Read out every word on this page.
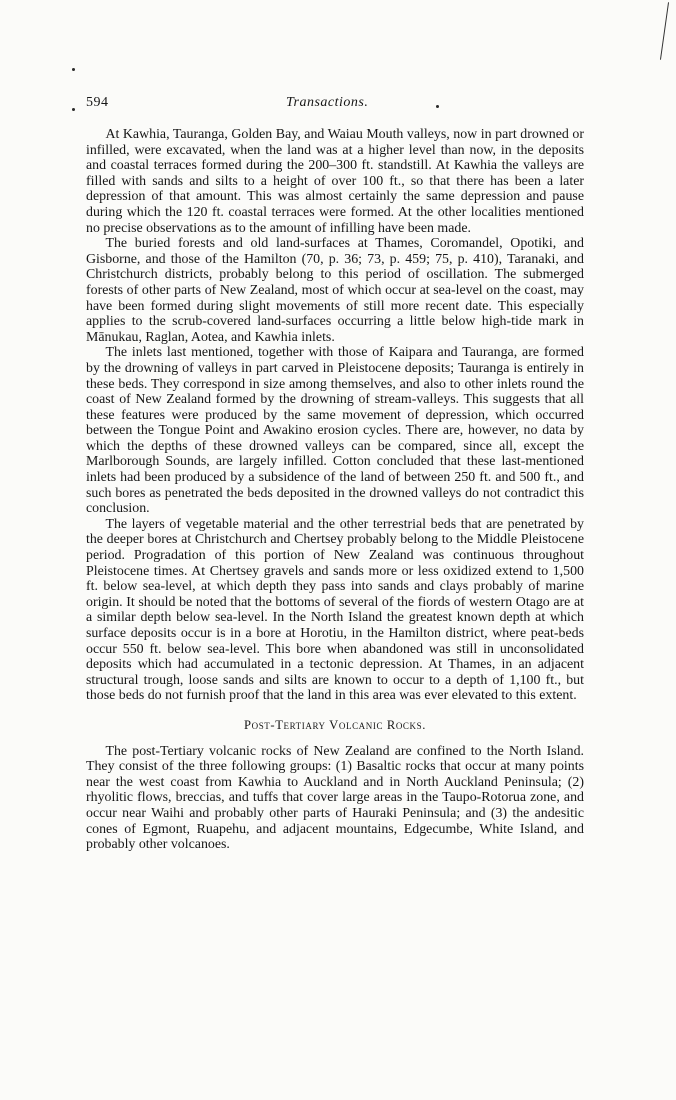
594	Transactions.

At Kawhia, Tauranga, Golden Bay, and Waiau Mouth valleys, now in part drowned or infilled, were excavated, when the land was at a higher level than now, in the deposits and coastal terraces formed during the 200–300 ft. standstill. At Kawhia the valleys are filled with sands and silts to a height of over 100 ft., so that there has been a later depression of that amount. This was almost certainly the same depression and pause during which the 120 ft. coastal terraces were formed. At the other localities mentioned no precise observations as to the amount of infilling have been made.

The buried forests and old land-surfaces at Thames, Coromandel, Opotiki, and Gisborne, and those of the Hamilton (70, p. 36; 73, p. 459; 75, p. 410), Taranaki, and Christchurch districts, probably belong to this period of oscillation. The submerged forests of other parts of New Zealand, most of which occur at sea-level on the coast, may have been formed during slight movements of still more recent date. This especially applies to the scrub-covered land-surfaces occurring a little below high-tide mark in Mānukau, Raglan, Aotea, and Kawhia inlets.

The inlets last mentioned, together with those of Kaipara and Tauranga, are formed by the drowning of valleys in part carved in Pleistocene deposits; Tauranga is entirely in these beds. They correspond in size among themselves, and also to other inlets round the coast of New Zealand formed by the drowning of stream-valleys. This suggests that all these features were produced by the same movement of depression, which occurred between the Tongue Point and Awakino erosion cycles. There are, however, no data by which the depths of these drowned valleys can be compared, since all, except the Marlborough Sounds, are largely infilled. Cotton concluded that these last-mentioned inlets had been produced by a subsidence of the land of between 250 ft. and 500 ft., and such bores as penetrated the beds deposited in the drowned valleys do not contradict this conclusion.

The layers of vegetable material and the other terrestrial beds that are penetrated by the deeper bores at Christchurch and Chertsey probably belong to the Middle Pleistocene period. Progradation of this portion of New Zealand was continuous throughout Pleistocene times. At Chertsey gravels and sands more or less oxidized extend to 1,500 ft. below sea-level, at which depth they pass into sands and clays probably of marine origin. It should be noted that the bottoms of several of the fiords of western Otago are at a similar depth below sea-level. In the North Island the greatest known depth at which surface deposits occur is in a bore at Horotiu, in the Hamilton district, where peat-beds occur 550 ft. below sea-level. This bore when abandoned was still in unconsolidated deposits which had accumulated in a tectonic depression. At Thames, in an adjacent structural trough, loose sands and silts are known to occur to a depth of 1,100 ft., but those beds do not furnish proof that the land in this area was ever elevated to this extent.

Post-Tertiary Volcanic Rocks.

The post-Tertiary volcanic rocks of New Zealand are confined to the North Island. They consist of the three following groups: (1) Basaltic rocks that occur at many points near the west coast from Kawhia to Auckland and in North Auckland Peninsula; (2) rhyolitic flows, breccias, and tuffs that cover large areas in the Taupo-Rotorua zone, and occur near Waihi and probably other parts of Hauraki Peninsula; and (3) the andesitic cones of Egmont, Ruapehu, and adjacent mountains, Edgecumbe, White Island, and probably other volcanoes.
